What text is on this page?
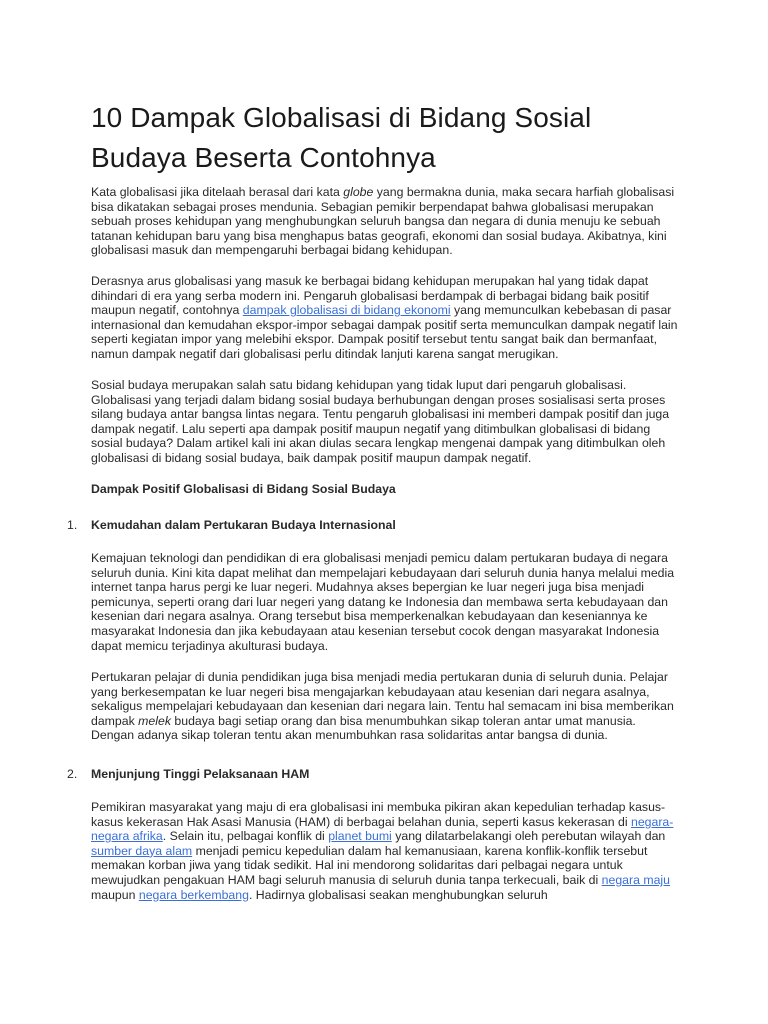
10 Dampak Globalisasi di Bidang Sosial Budaya Beserta Contohnya

Kata globalisasi jika ditelaah berasal dari kata globe yang bermakna dunia, maka secara harfiah globalisasi bisa dikatakan sebagai proses mendunia. Sebagian pemikir berpendapat bahwa globalisasi merupakan sebuah proses kehidupan yang menghubungkan seluruh bangsa dan negara di dunia menuju ke sebuah tatanan kehidupan baru yang bisa menghapus batas geografi, ekonomi dan sosial budaya. Akibatnya, kini globalisasi masuk dan mempengaruhi berbagai bidang kehidupan.

Derasnya arus globalisasi yang masuk ke berbagai bidang kehidupan merupakan hal yang tidak dapat dihindari di era yang serba modern ini. Pengaruh globalisasi berdampak di berbagai bidang baik positif maupun negatif, contohnya dampak globalisasi di bidang ekonomi yang memunculkan kebebasan di pasar internasional dan kemudahan ekspor-impor sebagai dampak positif serta memunculkan dampak negatif lain seperti kegiatan impor yang melebihi ekspor. Dampak positif tersebut tentu sangat baik dan bermanfaat, namun dampak negatif dari globalisasi perlu ditindak lanjuti karena sangat merugikan.

Sosial budaya merupakan salah satu bidang kehidupan yang tidak luput dari pengaruh globalisasi. Globalisasi yang terjadi dalam bidang sosial budaya berhubungan dengan proses sosialisasi serta proses silang budaya antar bangsa lintas negara. Tentu pengaruh globalisasi ini memberi dampak positif dan juga dampak negatif. Lalu seperti apa dampak positif maupun negatif yang ditimbulkan globalisasi di bidang sosial budaya? Dalam artikel kali ini akan diulas secara lengkap mengenai dampak yang ditimbulkan oleh globalisasi di bidang sosial budaya, baik dampak positif maupun dampak negatif.

Dampak Positif Globalisasi di Bidang Sosial Budaya

1. Kemudahan dalam Pertukaran Budaya Internasional

Kemajuan teknologi dan pendidikan di era globalisasi menjadi pemicu dalam pertukaran budaya di negara seluruh dunia. Kini kita dapat melihat dan mempelajari kebudayaan dari seluruh dunia hanya melalui media internet tanpa harus pergi ke luar negeri. Mudahnya akses bepergian ke luar negeri juga bisa menjadi pemicunya, seperti orang dari luar negeri yang datang ke Indonesia dan membawa serta kebudayaan dan kesenian dari negara asalnya. Orang tersebut bisa memperkenalkan kebudayaan dan keseniannya ke masyarakat Indonesia dan jika kebudayaan atau kesenian tersebut cocok dengan masyarakat Indonesia dapat memicu terjadinya akulturasi budaya.

Pertukaran pelajar di dunia pendidikan juga bisa menjadi media pertukaran dunia di seluruh dunia. Pelajar yang berkesempatan ke luar negeri bisa mengajarkan kebudayaan atau kesenian dari negara asalnya, sekaligus mempelajari kebudayaan dan kesenian dari negara lain. Tentu hal semacam ini bisa memberikan dampak melek budaya bagi setiap orang dan bisa menumbuhkan sikap toleran antar umat manusia. Dengan adanya sikap toleran tentu akan menumbuhkan rasa solidaritas antar bangsa di dunia.

2. Menjunjung Tinggi Pelaksanaan HAM

Pemikiran masyarakat yang maju di era globalisasi ini membuka pikiran akan kepedulian terhadap kasus-kasus kekerasan Hak Asasi Manusia (HAM) di berbagai belahan dunia, seperti kasus kekerasan di negara-negara afrika. Selain itu, pelbagai konflik di planet bumi yang dilatarbelakangi oleh perebutan wilayah dan sumber daya alam menjadi pemicu kepedulian dalam hal kemanusiaan, karena konflik-konflik tersebut memakan korban jiwa yang tidak sedikit. Hal ini mendorong solidaritas dari pelbagai negara untuk mewujudkan pengakuan HAM bagi seluruh manusia di seluruh dunia tanpa terkecuali, baik di negara maju maupun negara berkembang. Hadirnya globalisasi seakan menghubungkan seluruh
